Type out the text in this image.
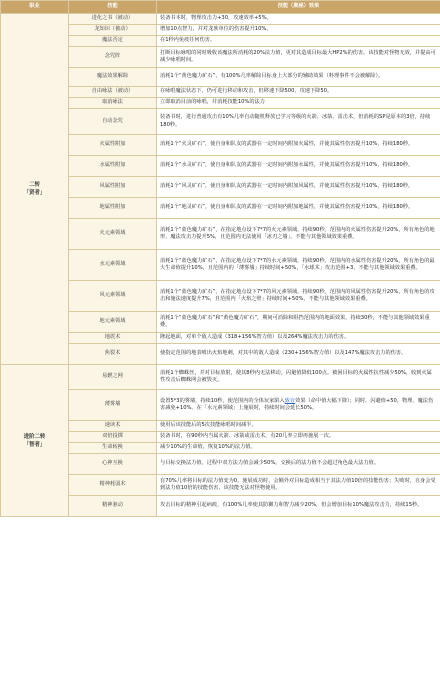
职业	技能	技能（奥秘）效果

二转
「贤者」	进化之书（被动）	装备书本时，物理攻击力+30，攻速效率+5%。
	龙知识（被动）	增加10点智力，并对龙族单位的伤害提升10%。
	魔法否定	在1秒内免疫任何伤害。
	念咒阵	打断目标咏唱的同时吸收该魔法所消耗的20%法力值，更对其造成目标最大HP2%的伤害。该技能对怪物无效，并提高可减少咏唱时间。
	魔法效果解除	消耗1个“黄色魔力矿石”，有100%几率解除目标身上大部分的辅助效果（料理事件不会被解除）。
	自由咏法（被动）	在咏唱魔法状态下，仍可进行移动和攻击，但移速下降500，攻速下降50。
	取消咏法	立即取消目前的咏唱，并消耗技能10%的法力
	自动念咒	装备书时，进行普通攻击有10%几率自动随机释放已学习等级的火箭、冰箭、雷击术，但消耗的SP是原本的3倍，持续180秒。
	火属性附加	消耗1个“火灵矿石”，使自身和队友的武器在一定时间内附加火属性，并使其属性伤害提升10%，持续180秒。
	水属性附加	消耗1个“水灵矿石”，使自身和队友的武器在一定时间内附加水属性，并使其属性伤害提升10%，持续180秒。
	风属性附加	消耗1个“风灵矿石”，使自身和队友的武器在一定时间内附加风属性，并使其属性伤害提升10%，持续180秒。
	地属性附加	消耗1个“地灵矿石”，使自身和队友的武器在一定时间内附加地属性，并使其属性伤害提升10%，持续180秒。
	火元素领域	消耗1个“蓝色魔力矿石”，在指定地点设下7*7的火元素领域，持续90秒。范围内的火属性伤害提升20%，所有角色的地形、魔法攻击力提升5%，且范围内无法使用「冰刃之墙」，不能与其他领域效果重叠。
	水元素领域	消耗1个“蓝色魔力矿石”，在指定地点设下7*7的水元素领域，持续90秒。范围内的水属性伤害提升20%，所有角色的最大生命值提升10%，且范围内的「薄雾墙」持续时间+50%，「水球术」攻击范围+3，不能与其他领域效果重叠。
	风元素领域	消耗1个“蓝色魔力矿石”，在指定地点设下7*7的风元素领域，持续90秒。范围内的风属性伤害提升20%，所有角色的攻击和施法速度提升7%，且范围内「火焰之壁」持续时间+50%，不能与其他领域效果重叠。
	地元素领域	消耗1个“蓝色魔力矿石”和“黄色魔力矿石”，期间可消除和阻挡范围内的地面效果，持续30秒，不能与其他领域效果重叠。
	地震术	隆起地面，对单个敌人造成（318+156%智力值）以及264%魔法攻击力的伤害。
	焦裂术	使指定范围的地表喷出火焰地刺，对其中的敌人造成（230+156%智力值）以及147%魔法攻击力的伤害。

进阶二转
「智者」	易燃之网	消耗1个蜘蛛丝，并对目标放射，使其8秒内无法移动，闪避值降低100点。被困目标的火属性抗性减少50%，收到火属性攻击后蜘蛛网会被毁灭。
	薄雾墙	设置5*3的雾墙，持续10秒，使范围内的全体玩家陷入致盲效果（命中值大幅下降）；同时，闪避值+50，物理、魔法伤害减免+10%。在「水元素领域」上施展时，持续时间会延长50%。
	速读术	使用后该技能后的5次技能咏唱时间减半。
	双倍投掷	装备书时，在90秒内当属火箭、冰箭或雷击术，有20几率立即再施展一次。
	生命转换	减少10%的生命值，恢复10%的法力值。
	心神互换	与目标交换法力值，过程中双方法力值会减少50%。交换后的法力值不会超过角色最大法力值。
	精神耗弱术	有70%几率将目标的法力值变为0。施展成功时，会额外对目标造成相当于其法力值10倍的技能伤害；失败时，自身会受到法力值10倍的技能伤害，该技能无法对怪物使用。
	精神驱动	攻击目标的精神引起病痕，有100%几率使其防御力和智力减少20%，但会增加目标10%魔法攻击力，持续15秒。
